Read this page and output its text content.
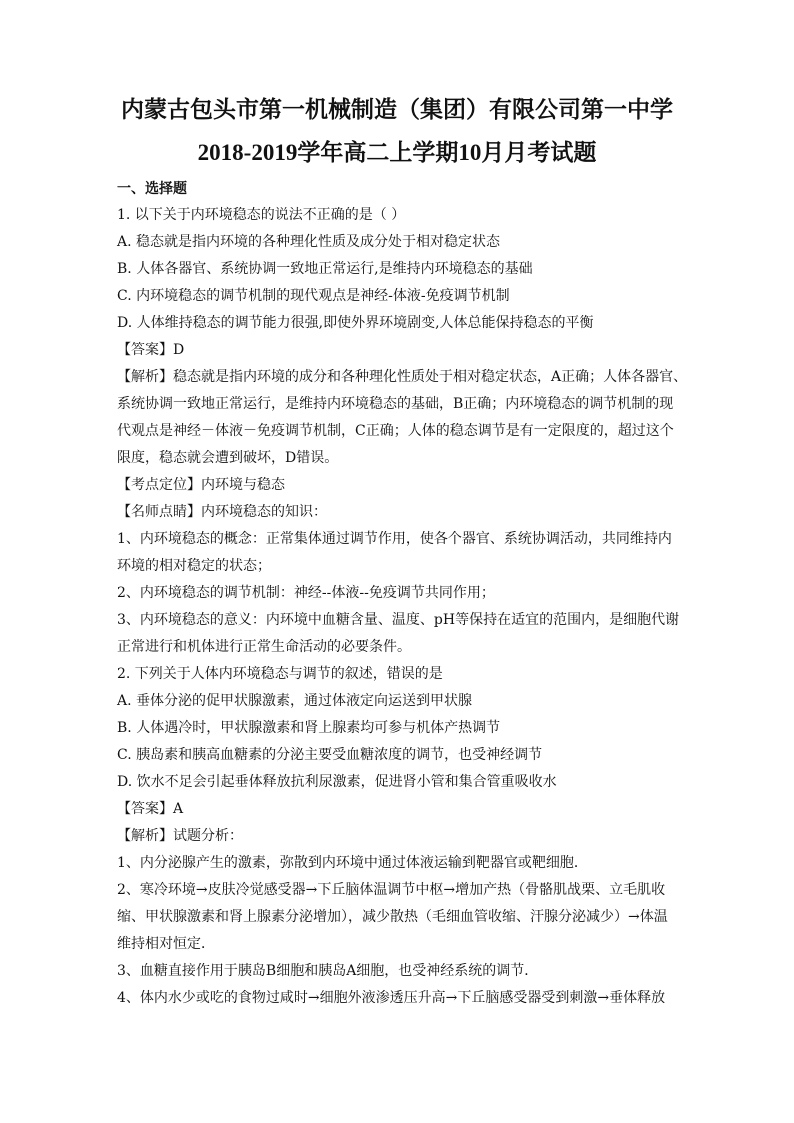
内蒙古包头市第一机械制造（集团）有限公司第一中学
2018-2019学年高二上学期10月月考试题
一、选择题
1. 以下关于内环境稳态的说法不正确的是（ ）
A. 稳态就是指内环境的各种理化性质及成分处于相对稳定状态
B. 人体各器官、系统协调一致地正常运行,是维持内环境稳态的基础
C. 内环境稳态的调节机制的现代观点是神经-体液-免疫调节机制
D. 人体维持稳态的调节能力很强,即使外界环境剧变,人体总能保持稳态的平衡
【答案】D
【解析】稳态就是指内环境的成分和各种理化性质处于相对稳定状态，A正确；人体各器官、
系统协调一致地正常运行，是维持内环境稳态的基础，B正确；内环境稳态的调节机制的现
代观点是神经－体液－免疫调节机制，C正确；人体的稳态调节是有一定限度的，超过这个
限度，稳态就会遭到破坏，D错误。
【考点定位】内环境与稳态
【名师点睛】内环境稳态的知识：
1、内环境稳态的概念：正常集体通过调节作用，使各个器官、系统协调活动，共同维持内
环境的相对稳定的状态；
2、内环境稳态的调节机制：神经--体液--免疫调节共同作用；
3、内环境稳态的意义：内环境中血糖含量、温度、pH等保持在适宜的范围内，是细胞代谢
正常进行和机体进行正常生命活动的必要条件。
2. 下列关于人体内环境稳态与调节的叙述，错误的是
A. 垂体分泌的促甲状腺激素，通过体液定向运送到甲状腺
B. 人体遇冷时，甲状腺激素和肾上腺素均可参与机体产热调节
C. 胰岛素和胰高血糖素的分泌主要受血糖浓度的调节，也受神经调节
D. 饮水不足会引起垂体释放抗利尿激素，促进肾小管和集合管重吸收水
【答案】A
【解析】试题分析：
1、内分泌腺产生的激素，弥散到内环境中通过体液运输到靶器官或靶细胞．
2、寒冷环境→皮肤冷觉感受器→下丘脑体温调节中枢→增加产热（骨骼肌战栗、立毛肌收
缩、甲状腺激素和肾上腺素分泌增加），减少散热（毛细血管收缩、汗腺分泌减少）→体温
维持相对恒定．
3、血糖直接作用于胰岛B细胞和胰岛A细胞，也受神经系统的调节．
4、体内水少或吃的食物过咸时→细胞外液渗透压升高→下丘脑感受器受到刺激→垂体释放
